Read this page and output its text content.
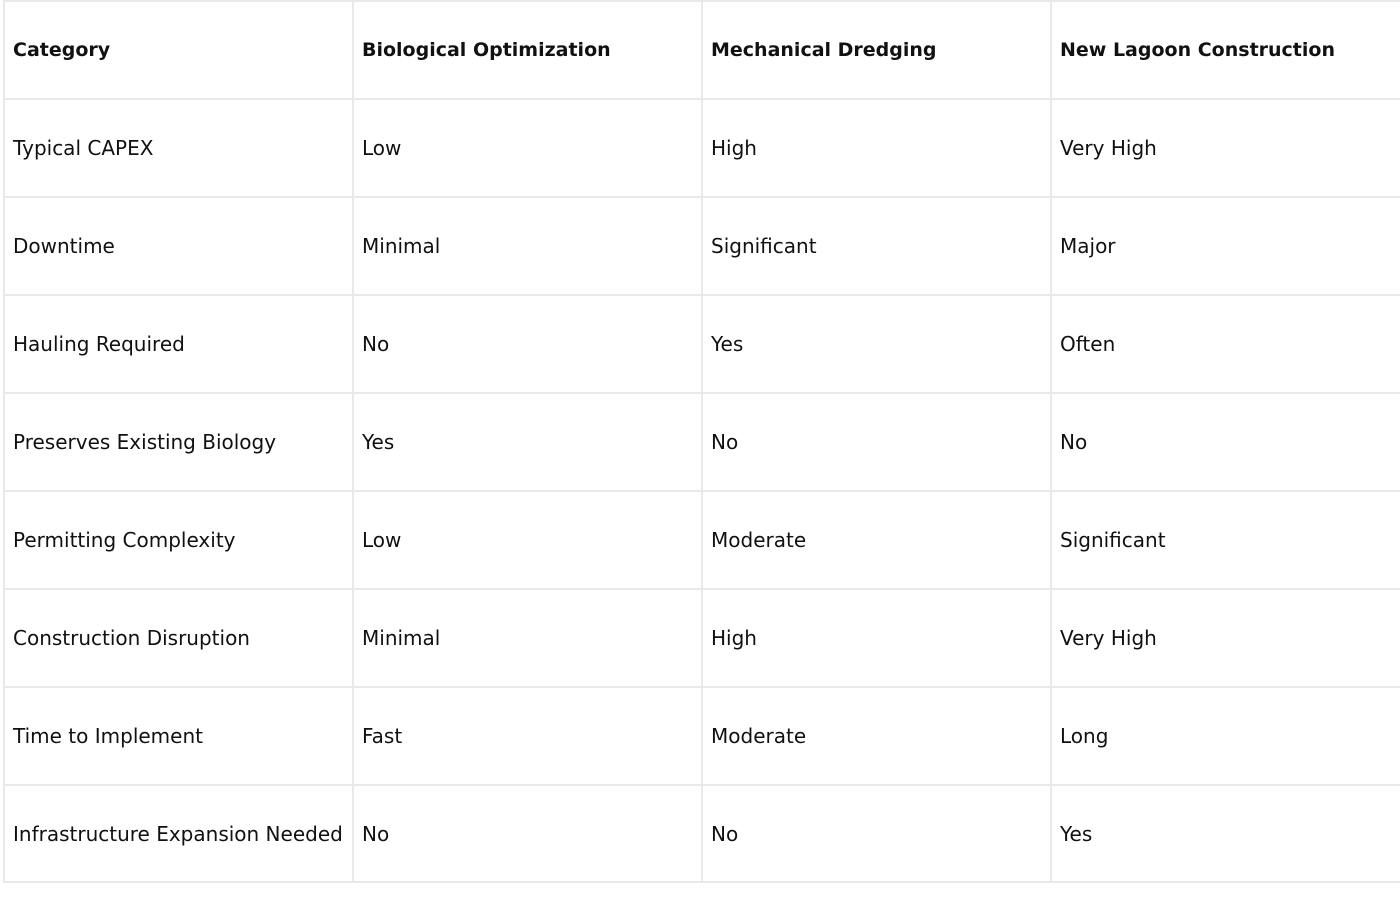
Category	Biological Optimization	Mechanical Dredging	New Lagoon Construction
Typical CAPEX	Low	High	Very High
Downtime	Minimal	Significant	Major
Hauling Required	No	Yes	Often
Preserves Existing Biology	Yes	No	No
Permitting Complexity	Low	Moderate	Significant
Construction Disruption	Minimal	High	Very High
Time to Implement	Fast	Moderate	Long
Infrastructure Expansion Needed	No	No	Yes
